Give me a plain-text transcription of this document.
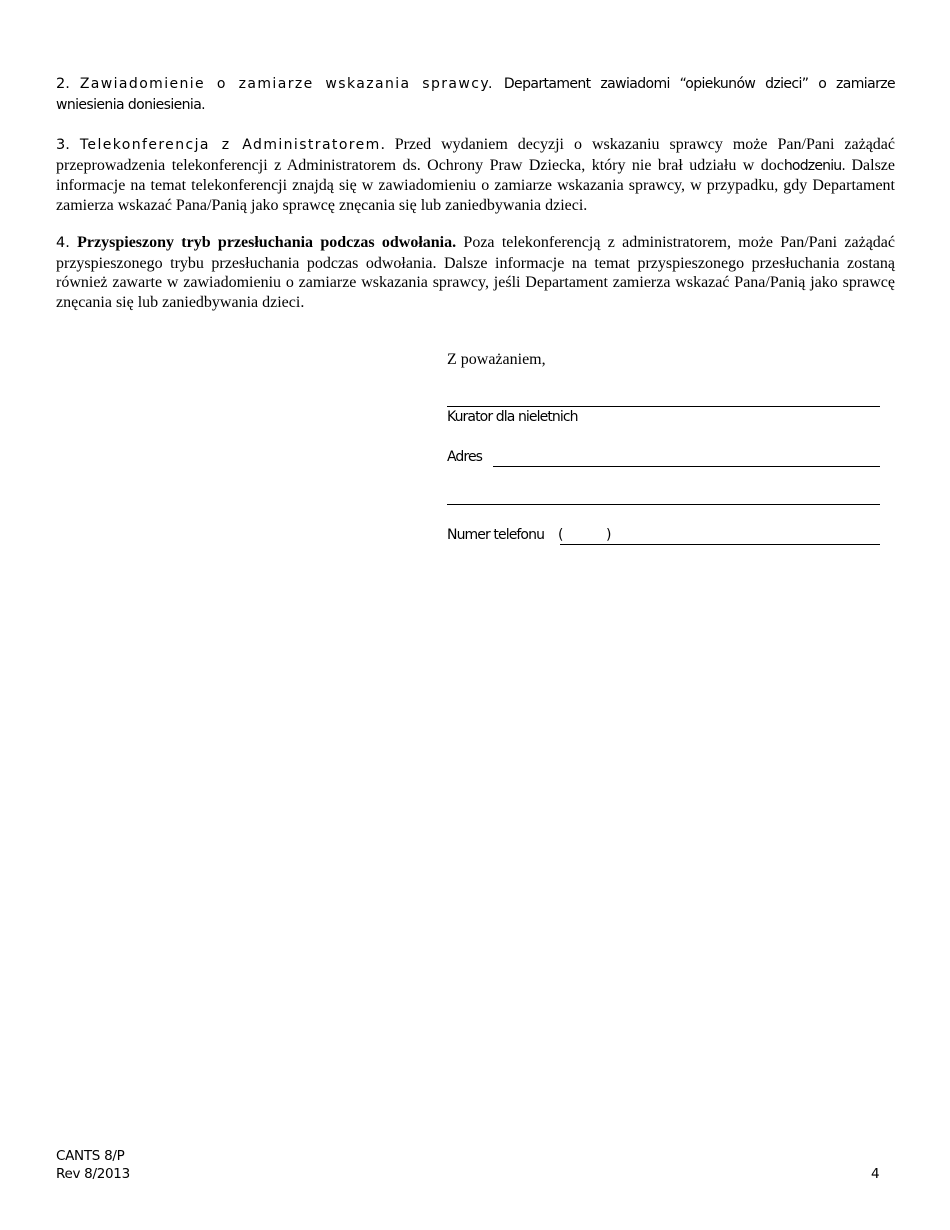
2. Zawiadomienie o zamiarze wskazania sprawcy. Departament zawiadomi “opiekunów dzieci” o zamiarze wniesienia doniesienia.
3. Telekonferencja z Administratorem. Przed wydaniem decyzji o wskazaniu sprawcy może Pan/Pani zażądać przeprowadzenia telekonferencji z Administratorem ds. Ochrony Praw Dziecka, który nie brał udziału w dochodzeniu. Dalsze informacje na temat telekonferencji znajdą się w zawiadomieniu o zamiarze wskazania sprawcy, w przypadku, gdy Departament zamierza wskazać Pana/Panią jako sprawcę znęcania się lub zaniedbywania dzieci.
4. Przyspieszony tryb przesłuchania podczas odwołania. Poza telekonferencją z administratorem, może Pan/Pani zażądać przyspieszonego trybu przesłuchania podczas odwołania. Dalsze informacje na temat przyspieszonego przesłuchania zostaną również zawarte w zawiadomieniu o zamiarze wskazania sprawcy, jeśli Departament zamierza wskazać Pana/Panią jako sprawcę znęcania się lub zaniedbywania dzieci.
Z poważaniem,
Kurator dla nieletnich
Adres
Numer telefonu (	)
CANTS 8/P
Rev 8/2013	4
